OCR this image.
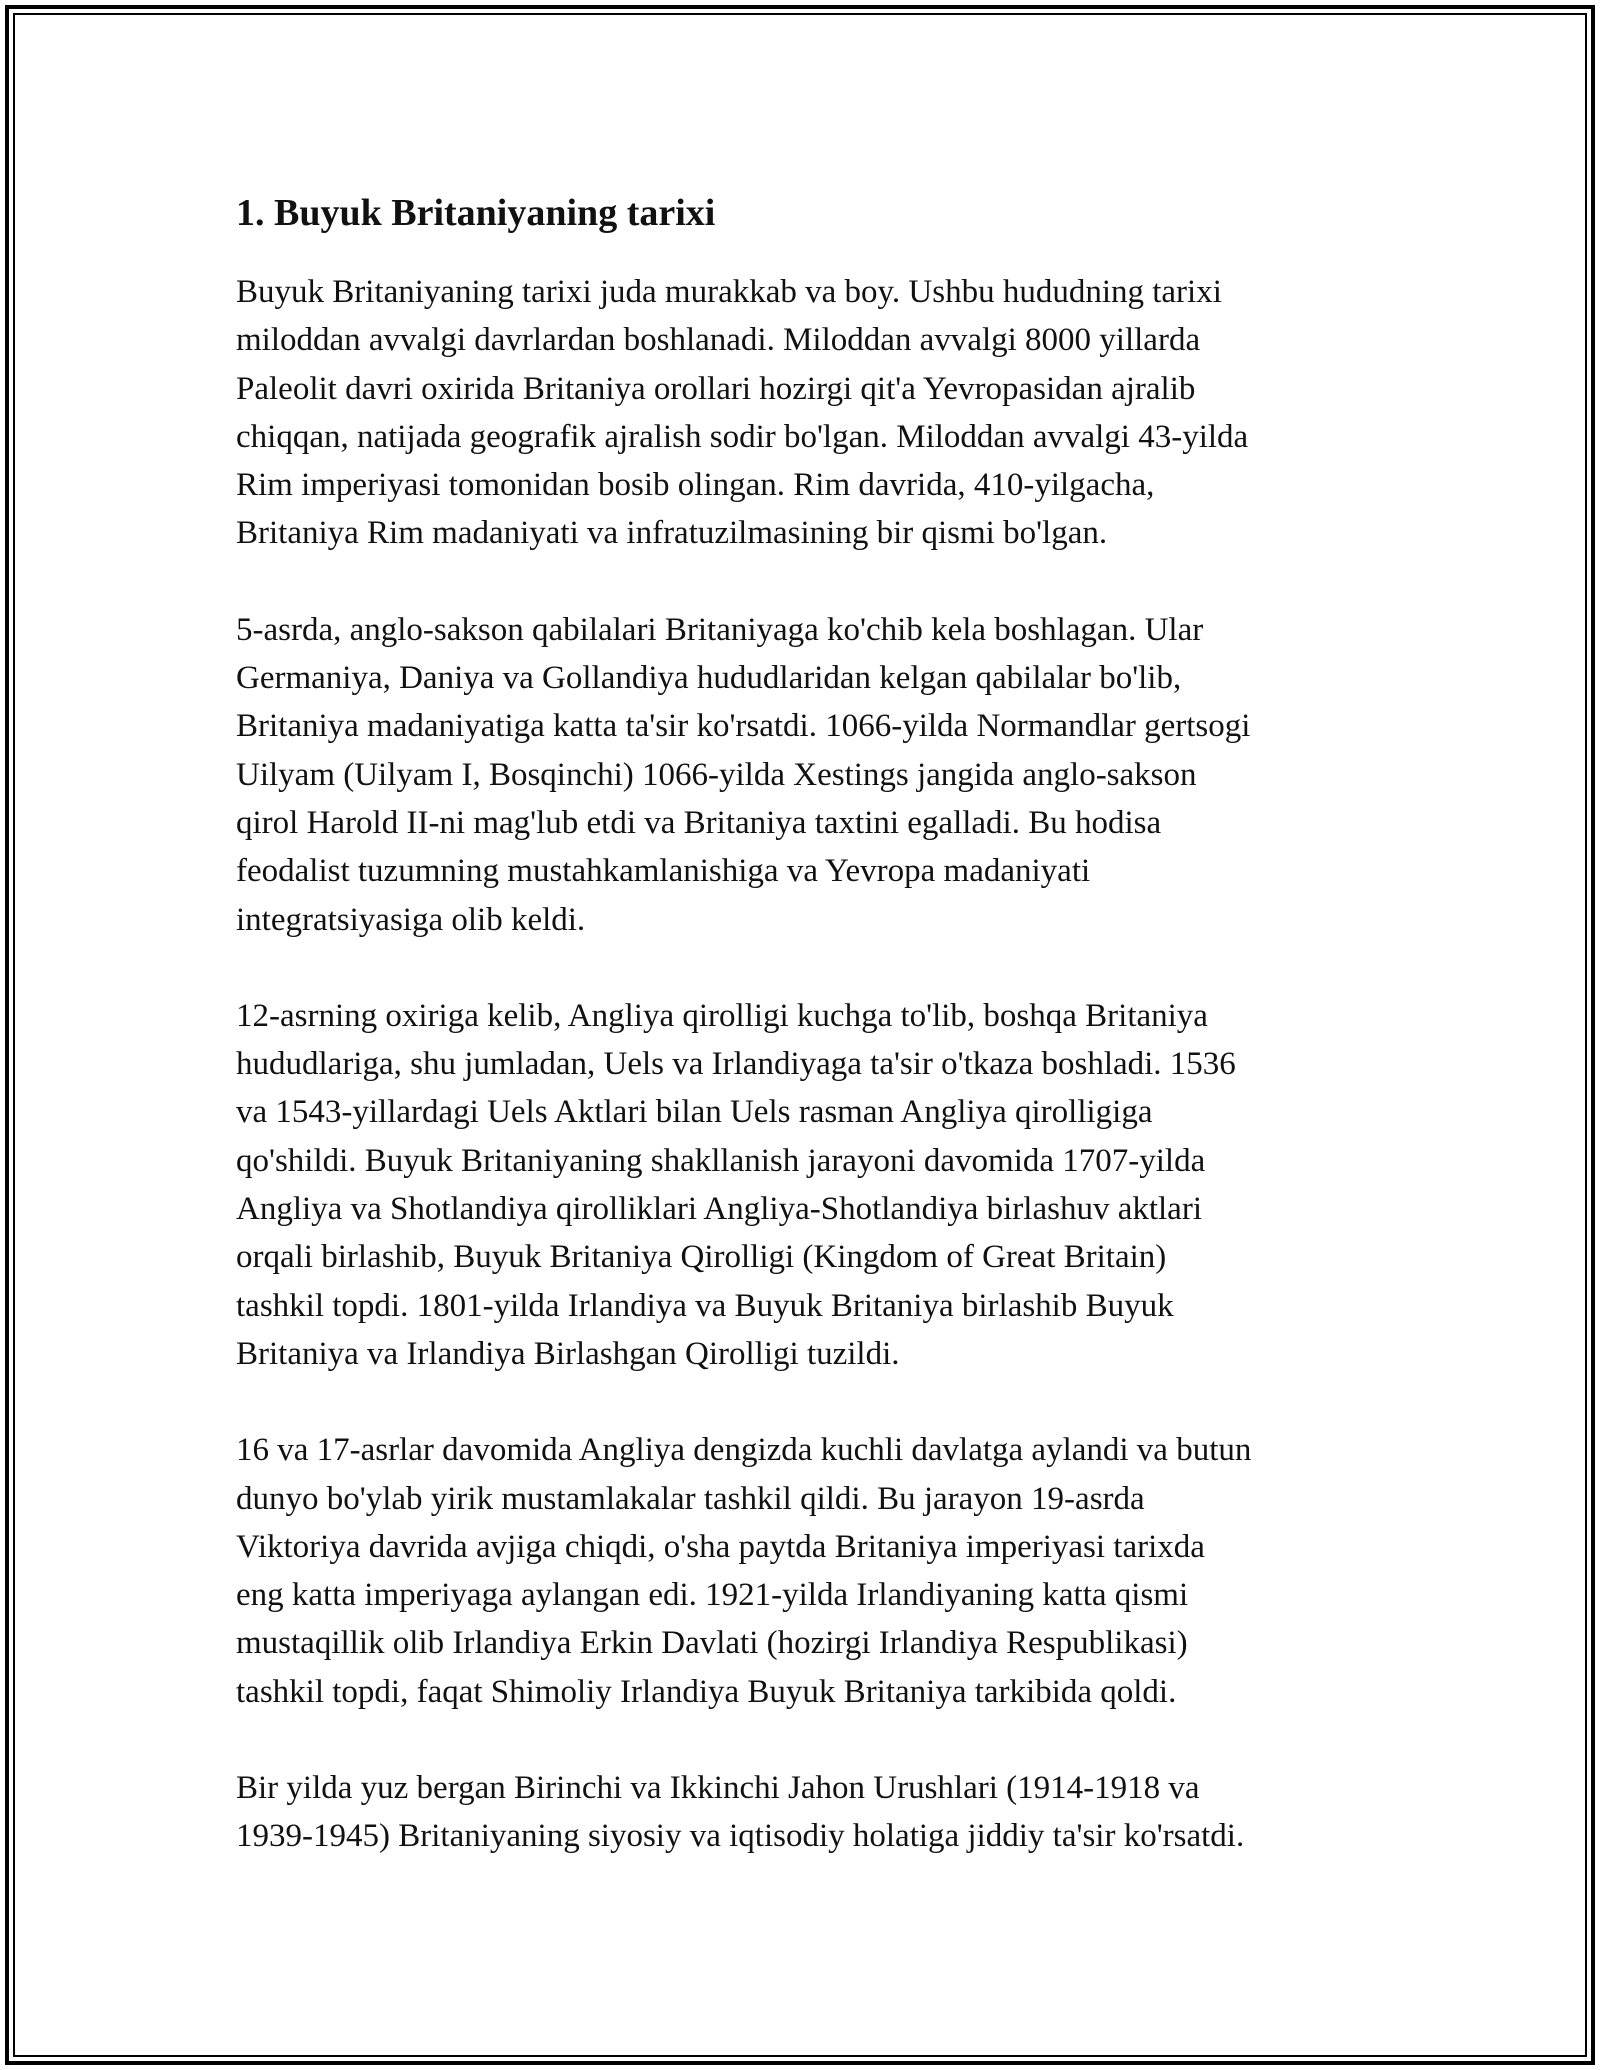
1. Buyuk Britaniyaning tarixi

Buyuk Britaniyaning tarixi juda murakkab va boy. Ushbu hududning tarixi
miloddan avvalgi davrlardan boshlanadi. Miloddan avvalgi 8000 yillarda
Paleolit davri oxirida Britaniya orollari hozirgi qit'a Yevropasidan ajralib
chiqqan, natijada geografik ajralish sodir bo'lgan. Miloddan avvalgi 43-yilda
Rim imperiyasi tomonidan bosib olingan. Rim davrida, 410-yilgacha,
Britaniya Rim madaniyati va infratuzilmasining bir qismi bo'lgan.

5-asrda, anglo-sakson qabilalari Britaniyaga ko'chib kela boshlagan. Ular
Germaniya, Daniya va Gollandiya hududlaridan kelgan qabilalar bo'lib,
Britaniya madaniyatiga katta ta'sir ko'rsatdi. 1066-yilda Normandlar gertsogi
Uilyam (Uilyam I, Bosqinchi) 1066-yilda Xestings jangida anglo-sakson
qirol Harold II-ni mag'lub etdi va Britaniya taxtini egalladi. Bu hodisa
feodalist tuzumning mustahkamlanishiga va Yevropa madaniyati
integratsiyasiga olib keldi.

12-asrning oxiriga kelib, Angliya qirolligi kuchga to'lib, boshqa Britaniya
hududlariga, shu jumladan, Uels va Irlandiyaga ta'sir o'tkaza boshladi. 1536
va 1543-yillardagi Uels Aktlari bilan Uels rasman Angliya qirolligiga
qo'shildi. Buyuk Britaniyaning shakllanish jarayoni davomida 1707-yilda
Angliya va Shotlandiya qirolliklari Angliya-Shotlandiya birlashuv aktlari
orqali birlashib, Buyuk Britaniya Qirolligi (Kingdom of Great Britain)
tashkil topdi. 1801-yilda Irlandiya va Buyuk Britaniya birlashib Buyuk
Britaniya va Irlandiya Birlashgan Qirolligi tuzildi.

16 va 17-asrlar davomida Angliya dengizda kuchli davlatga aylandi va butun
dunyo bo'ylab yirik mustamlakalar tashkil qildi. Bu jarayon 19-asrda
Viktoriya davrida avjiga chiqdi, o'sha paytda Britaniya imperiyasi tarixda
eng katta imperiyaga aylangan edi. 1921-yilda Irlandiyaning katta qismi
mustaqillik olib Irlandiya Erkin Davlati (hozirgi Irlandiya Respublikasi)
tashkil topdi, faqat Shimoliy Irlandiya Buyuk Britaniya tarkibida qoldi.

Bir yilda yuz bergan Birinchi va Ikkinchi Jahon Urushlari (1914-1918 va
1939-1945) Britaniyaning siyosiy va iqtisodiy holatiga jiddiy ta'sir ko'rsatdi.
